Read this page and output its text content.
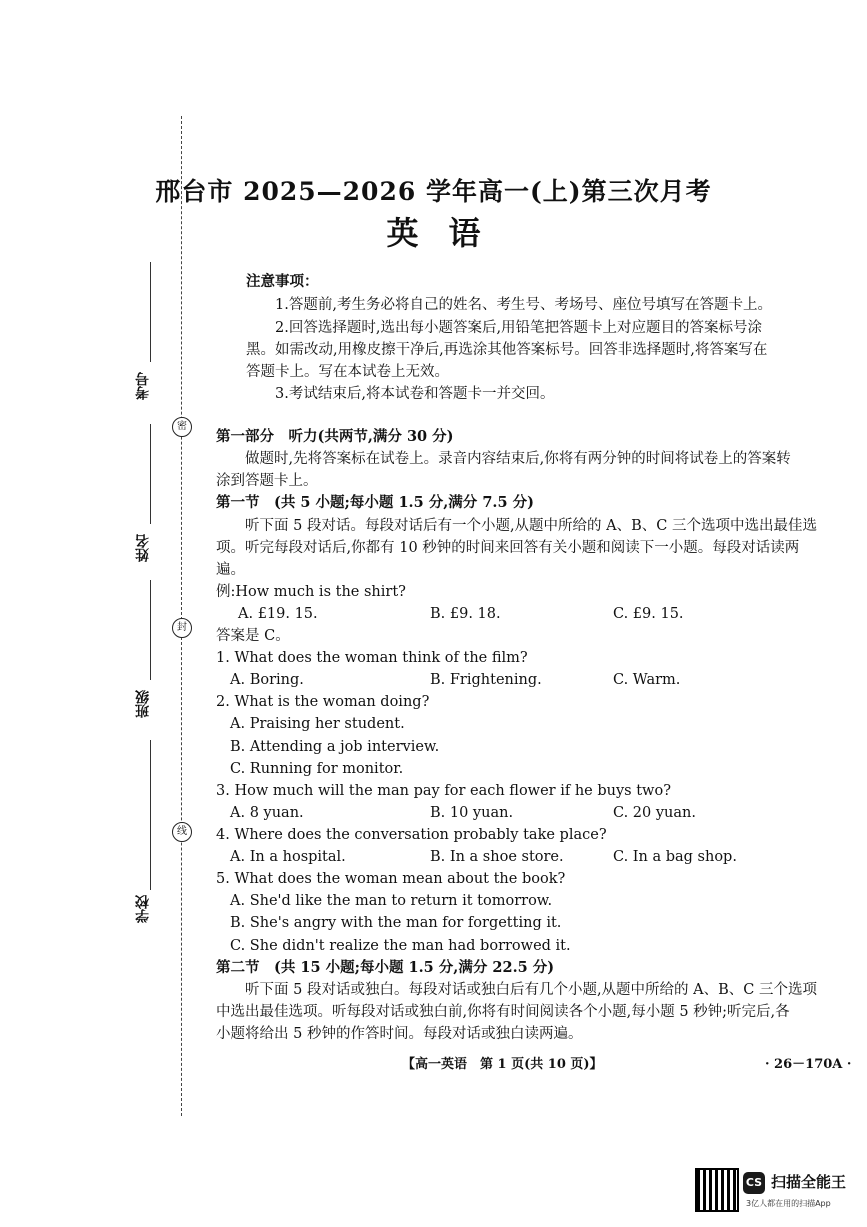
密
封
线
考号
姓名
班级
学校
邢台市 2025—2026 学年高一(上)第三次月考
英语
注意事项：
1.答题前,考生务必将自己的姓名、考生号、考场号、座位号填写在答题卡上。
2.回答选择题时,选出每小题答案后,用铅笔把答题卡上对应题目的答案标号涂
黑。如需改动,用橡皮擦干净后,再选涂其他答案标号。回答非选择题时,将答案写在
答题卡上。写在本试卷上无效。
3.考试结束后,将本试卷和答题卡一并交回。
第一部分　听力(共两节,满分 30 分)
做题时,先将答案标在试卷上。录音内容结束后,你将有两分钟的时间将试卷上的答案转
涂到答题卡上。
第一节　(共 5 小题;每小题 1.5 分,满分 7.5 分)
听下面 5 段对话。每段对话后有一个小题,从题中所给的 A、B、C 三个选项中选出最佳选
项。听完每段对话后,你都有 10 秒钟的时间来回答有关小题和阅读下一小题。每段对话读两
遍。
例:How much is the shirt?
A. £19. 15.	B. £9. 18.	C. £9. 15.
答案是 C。
1. What does the woman think of the film?
A. Boring.	B. Frightening.	C. Warm.
2. What is the woman doing?
A. Praising her student.
B. Attending a job interview.
C. Running for monitor.
3. How much will the man pay for each flower if he buys two?
A. 8 yuan.	B. 10 yuan.	C. 20 yuan.
4. Where does the conversation probably take place?
A. In a hospital.	B. In a shoe store.	C. In a bag shop.
5. What does the woman mean about the book?
A. She'd like the man to return it tomorrow.
B. She's angry with the man for forgetting it.
C. She didn't realize the man had borrowed it.
第二节　(共 15 小题;每小题 1.5 分,满分 22.5 分)
听下面 5 段对话或独白。每段对话或独白后有几个小题,从题中所给的 A、B、C 三个选项
中选出最佳选项。听每段对话或独白前,你将有时间阅读各个小题,每小题 5 秒钟;听完后,各
小题将给出 5 秒钟的作答时间。每段对话或独白读两遍。
【高一英语　第 1 页(共 10 页)】	· 26－170A ·
CS 扫描全能王
3亿人都在用的扫描App
